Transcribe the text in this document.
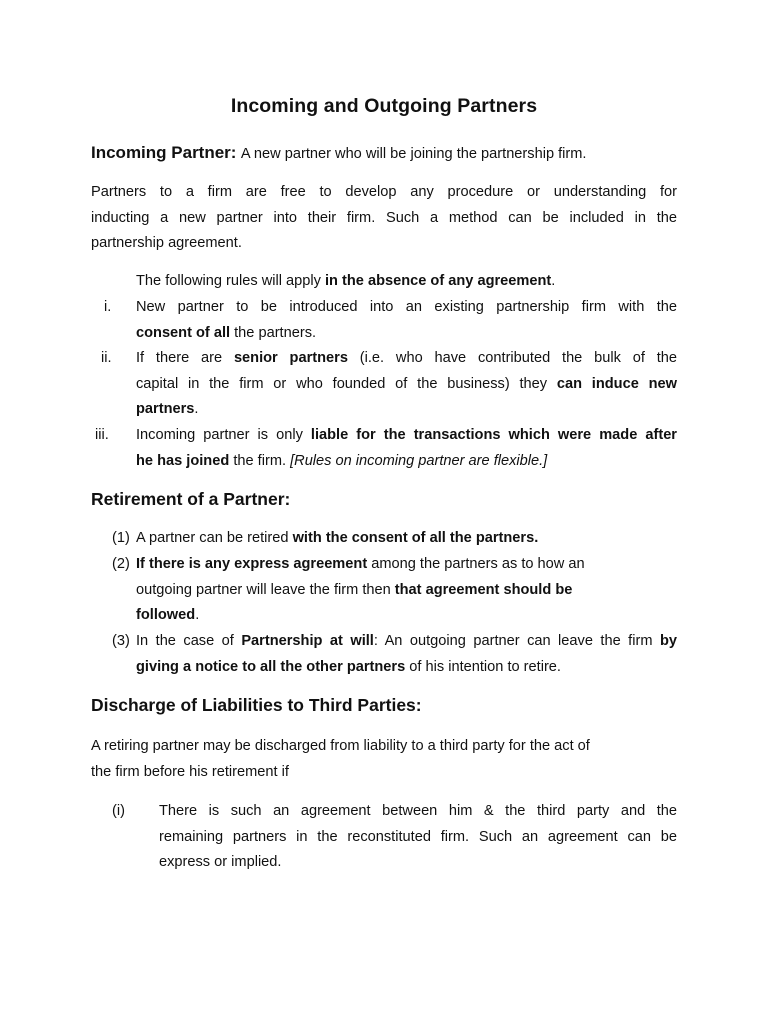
Incoming and Outgoing Partners
Incoming Partner: A new partner who will be joining the partnership firm.
Partners to a firm are free to develop any procedure or understanding for
inducting a new partner into their firm. Such a method can be included in the
partnership agreement.
The following rules will apply in the absence of any agreement.
i. New partner to be introduced into an existing partnership firm with the
consent of all the partners.
ii. If there are senior partners (i.e. who have contributed the bulk of the
capital in the firm or who founded of the business) they can induce new
partners.
iii. Incoming partner is only liable for the transactions which were made after
he has joined the firm. [Rules on incoming partner are flexible.]
Retirement of a Partner:
(1) A partner can be retired with the consent of all the partners.
(2) If there is any express agreement among the partners as to how an
outgoing partner will leave the firm then that agreement should be
followed.
(3) In the case of Partnership at will: An outgoing partner can leave the firm by
giving a notice to all the other partners of his intention to retire.
Discharge of Liabilities to Third Parties:
A retiring partner may be discharged from liability to a third party for the act of
the firm before his retirement if
(i) There is such an agreement between him & the third party and the
remaining partners in the reconstituted firm. Such an agreement can be
express or implied.
